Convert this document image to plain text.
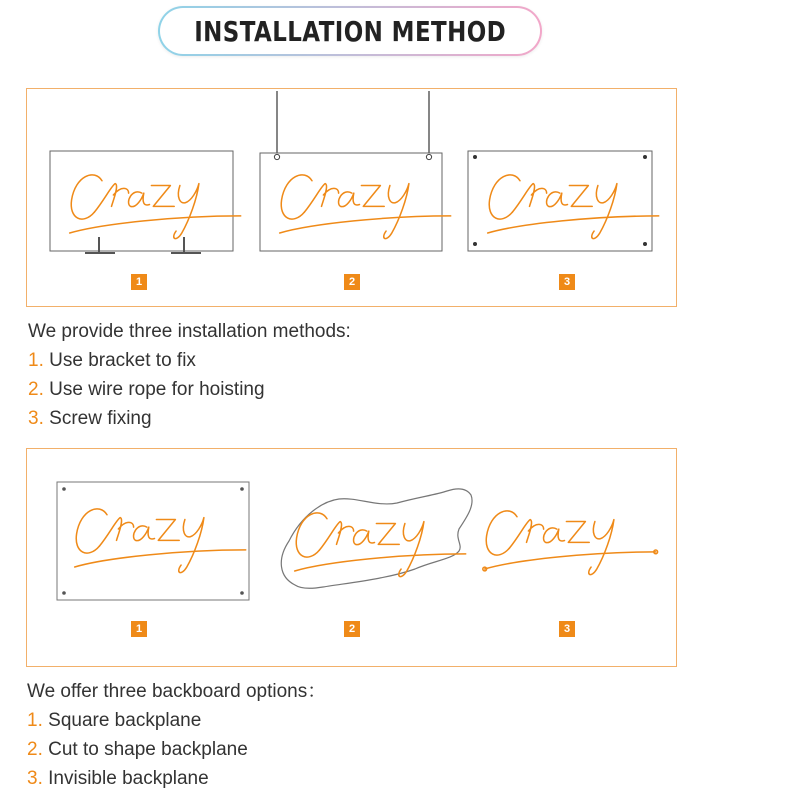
INSTALLATION METHOD
1	2	3
We provide three installation methods:
1. Use bracket to fix
2. Use wire rope for hoisting
3. Screw fixing
1	2	3
We offer three backboard options：
1. Square backplane
2. Cut to shape backplane
3. Invisible backplane
